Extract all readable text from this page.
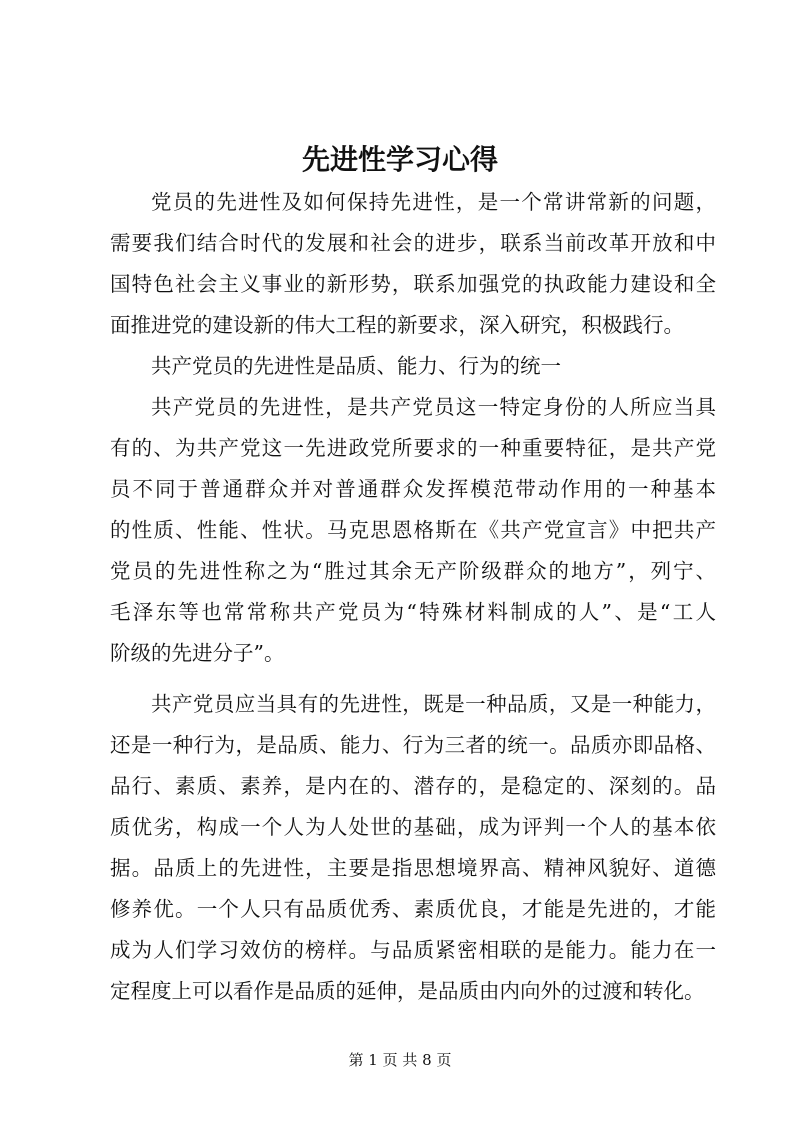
先进性学习心得
党员的先进性及如何保持先进性，是一个常讲常新的问题，
需要我们结合时代的发展和社会的进步，联系当前改革开放和中
国特色社会主义事业的新形势，联系加强党的执政能力建设和全
面推进党的建设新的伟大工程的新要求，深入研究，积极践行。
共产党员的先进性是品质、能力、行为的统一
共产党员的先进性，是共产党员这一特定身份的人所应当具
有的、为共产党这一先进政党所要求的一种重要特征，是共产党
员不同于普通群众并对普通群众发挥模范带动作用的一种基本
的性质、性能、性状。马克思恩格斯在《共产党宣言》中把共产
党员的先进性称之为“胜过其余无产阶级群众的地方”，列宁、
毛泽东等也常常称共产党员为“特殊材料制成的人”、是“工人
阶级的先进分子”。
共产党员应当具有的先进性，既是一种品质，又是一种能力，
还是一种行为，是品质、能力、行为三者的统一。品质亦即品格、
品行、素质、素养，是内在的、潜存的，是稳定的、深刻的。品
质优劣，构成一个人为人处世的基础，成为评判一个人的基本依
据。品质上的先进性，主要是指思想境界高、精神风貌好、道德
修养优。一个人只有品质优秀、素质优良，才能是先进的，才能
成为人们学习效仿的榜样。与品质紧密相联的是能力。能力在一
定程度上可以看作是品质的延伸，是品质由内向外的过渡和转化。
第 1 页 共 8 页
